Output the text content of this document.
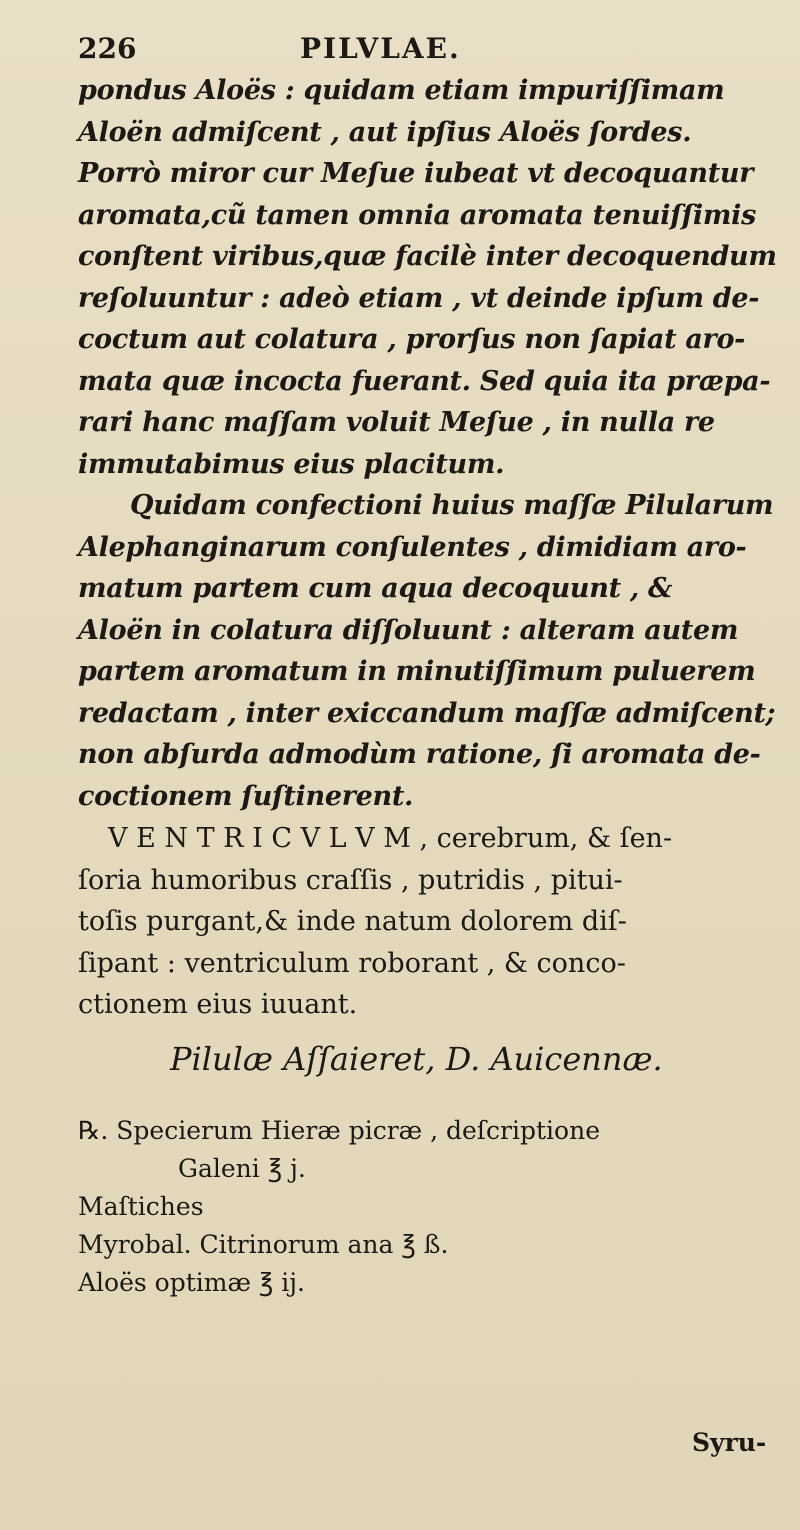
226	PILVLAE.
pondus Aloës : quidam etiam impuriſſimam
Aloën admiſcent , aut ipſius Aloës ſordes.
Porrò miror cur Meſue iubeat vt decoquantur
aromata,cũ tamen omnia aromata tenuiſſimis
conſtent viribus,quæ facilè inter decoquendum
reſoluuntur : adeò etiam , vt deinde ipſum de-
coctum aut colatura , prorſus non ſapiat aro-
mata quæ incocta fuerant. Sed quia ita præpa-
rari hanc maſſam voluit Meſue , in nulla re
immutabimus eius placitum.
Quidam confectioni huius maſſæ Pilularum
Alephanginarum conſulentes , dimidiam aro-
matum partem cum aqua decoquunt , &
Aloën in colatura diſſoluunt : alteram autem
partem aromatum in minutiſſimum puluerem
redactam , inter exiccandum maſſæ admiſcent;
non abſurda admodùm ratione, ſi aromata de-
coctionem ſuſtinerent.
V E N T R I C V L V M , cerebrum, & ſen-
ſoria humoribus craſſis , putridis , pitui-
toſis purgant,& inde natum dolorem diſ-
ſipant : ventriculum roborant , & conco-
ctionem eius iuuant.
Pilulæ Aſſaieret, D. Auicennæ.
℞. Specierum Hieræ picræ , deſcriptione
Galeni ℥ j.
Maſtiches
Myrobal. Citrinorum ana ℥ ß.
Aloës optimæ ℥ ij.
Syru-
